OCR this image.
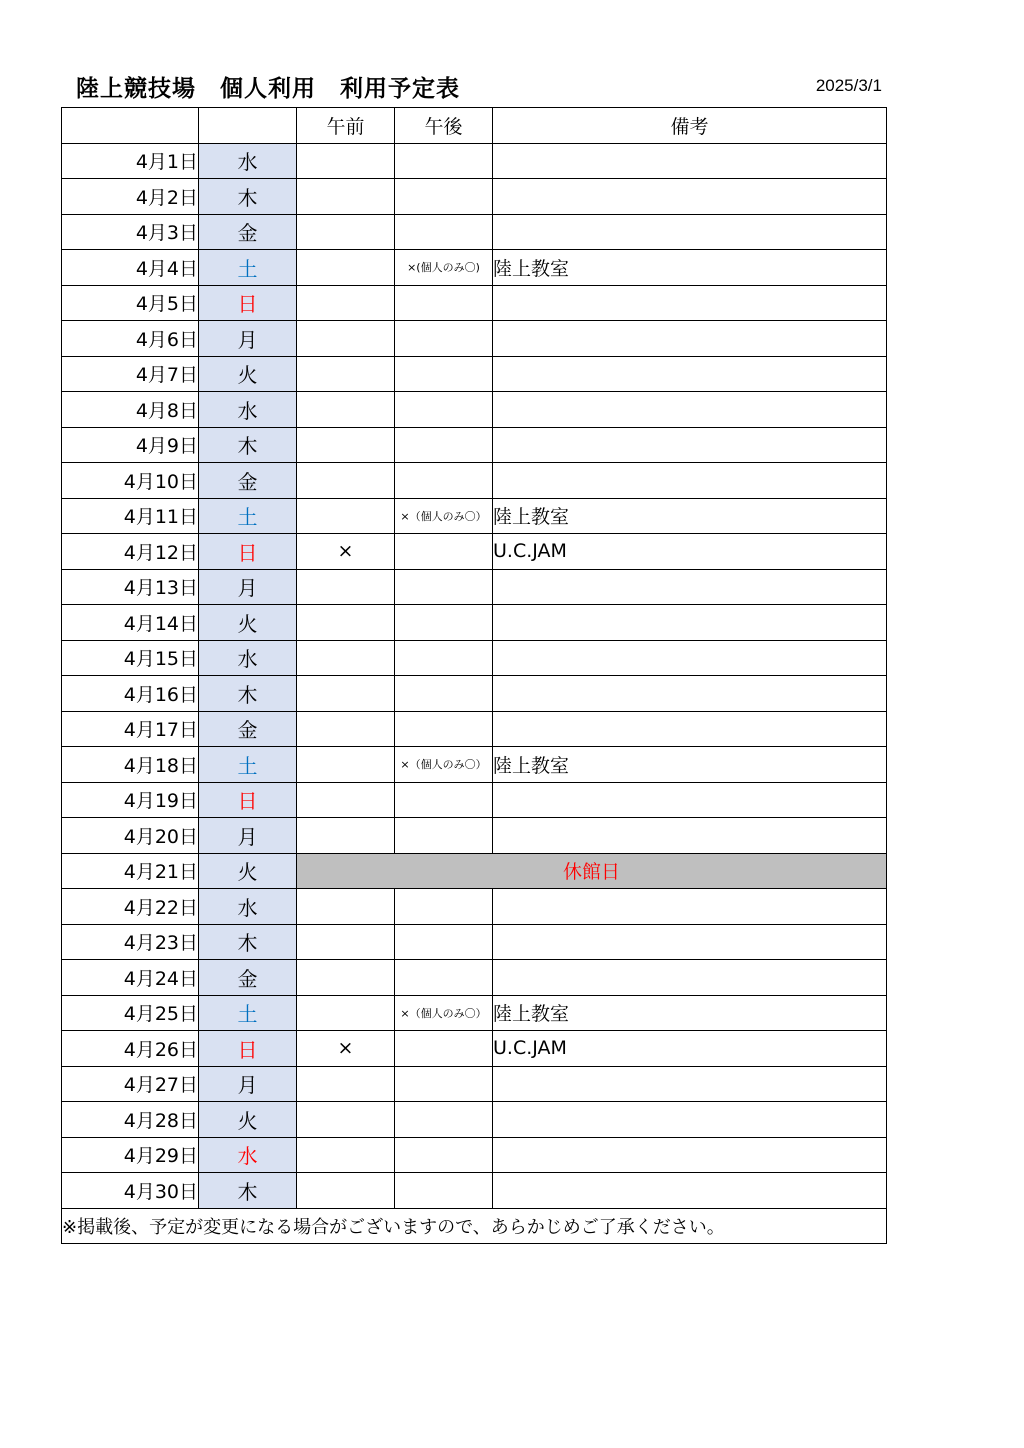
陸上競技場　個人利用　利用予定表	2025/3/1
		午前	午後	備考
4月1日	水			
4月2日	木			
4月3日	金			
4月4日	土		×(個人のみ〇)	陸上教室
4月5日	日			
4月6日	月			
4月7日	火			
4月8日	水			
4月9日	木			
4月10日	金			
4月11日	土		×（個人のみ〇）	陸上教室
4月12日	日	×		U.C.JAM
4月13日	月			
4月14日	火			
4月15日	水			
4月16日	木			
4月17日	金			
4月18日	土		×（個人のみ〇）	陸上教室
4月19日	日			
4月20日	月			
4月21日	火	休館日		
4月22日	水			
4月23日	木			
4月24日	金			
4月25日	土		×（個人のみ〇）	陸上教室
4月26日	日	×		U.C.JAM
4月27日	月			
4月28日	火			
4月29日	水			
4月30日	木			
※掲載後、予定が変更になる場合がございますので、あらかじめご了承ください。				
